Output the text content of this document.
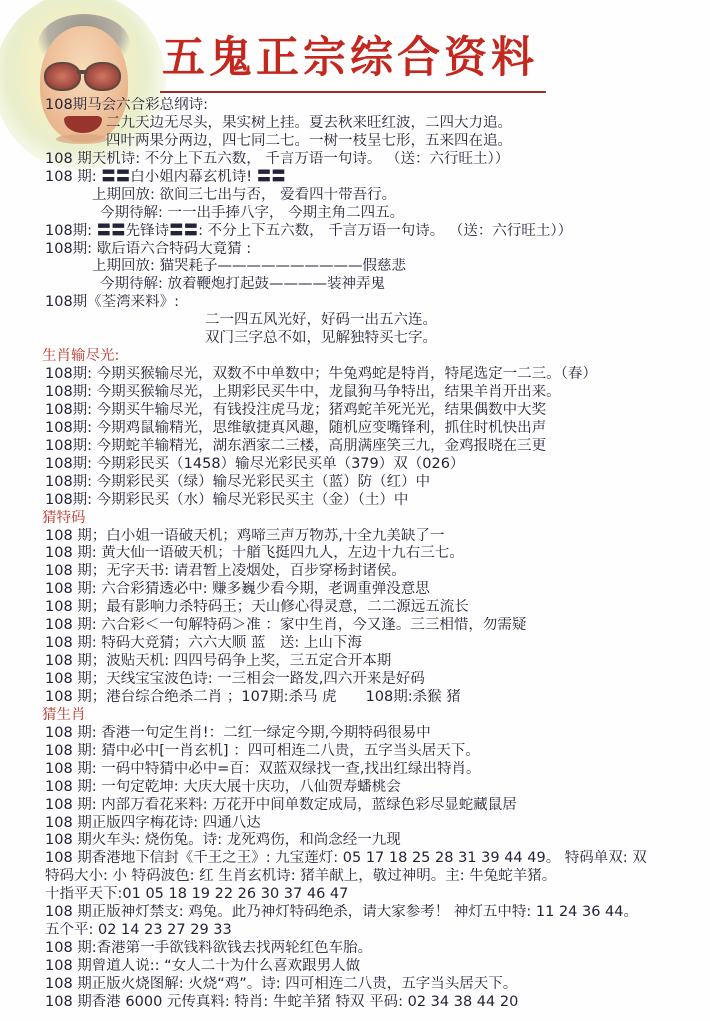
五鬼正宗综合资料
108期马会六合彩总纲诗:
二九天边无尽头，果实树上挂。夏去秋来旺红波，二四大力追。
四叶两果分两边，四七同二七。一树一枝呈七形，五来四在追。
108 期天机诗: 不分上下五六数， 千言万语一句诗。 （送：六行旺土））
108 期: 〓〓白小姐内幕玄机诗! 〓〓
上期回放: 欲间三七出与否， 爱看四十带吾行。
今期待解: 一一出手捧八字， 今期主角二四五。
108期: 〓〓先锋诗〓〓: 不分上下五六数， 千言万语一句诗。 （送：六行旺土））
108期: 歇后语六合特码大竟猜 :
上期回放: 猫哭耗子——————————假慈悲
今期待解: 放着鞭炮打起鼓————装神弄鬼
108期《荃湾来料》:
二一四五风光好，好码一出五六连。
双门三字总不如，见解独特买七字。
生肖输尽光:
108期: 今期买猴输尽光，双数不中单数中；牛兔鸡蛇是特肖，特尾选定一二三。（春）
108期: 今期买猴输尽光，上期彩民买牛中，龙鼠狗马争特出，结果羊肖开出来。
108期: 今期买牛输尽光，有钱投注虎马龙；猪鸡蛇羊死光光，结果偶数中大奖
108期: 今期鸡鼠输精光，思维敏捷真风趣，随机应变嘴锋利，抓住时机快出声
108期: 今期蛇羊输精光，湖东酒家二三楼，高朋满座笑三九，金鸡报晓在三更
108期: 今期彩民买（1458）输尽光彩民买单（379）双（026）
108期: 今期彩民买（绿）输尽光彩民买主（蓝）防（红）中
108期: 今期彩民买（水）输尽光彩民买主（金）（土）中
猜特码
108 期；白小姐一语破天机；鸡啼三声万物苏,十全九美缺了一
108 期: 黄大仙一语破天机；十艏飞挺四九人，左边十九右三七。
108 期；无字天书: 请君暂上凌烟处，百步穿杨封诸侯。
108 期: 六合彩猜透必中: 赚多巍少看今期，老调重弹没意思
108 期；最有影响力杀特码王；天山修心得灵意，二二源远五流长
108 期: 六合彩＜一句解特码＞准 ：家中生肖，今又逢。三三相惜，勿需疑
108 期: 特码大竞猜；六六大顺 蓝　送: 上山下海
108 期；波贴天机: 四四号码争上奖，三五定合开本期
108 期；天线宝宝波色诗: 一三相会一路发,四六开来是好码
108 期；港台综合绝杀二肖 ；107期:杀马 虎　　108期:杀猴 猪
猜生肖
108 期: 香港一句定生肖!：二红一绿定今期,今期特码很易中
108 期: 猜中必中[一肖玄机] ：四可相连二八贵，五字当头居天下。
108 期: 一码中特猜中必中=百：双蓝双绿找一查,找出红绿出特肖。
108 期: 一句定乾坤: 大庆大展十庆功，八仙贺寿蟠桃会
108 期: 内部万看花来料: 万花开中间单数定成局，蓝绿色彩尽显蛇藏鼠居
108 期正版四字梅花诗: 四通八达
108 期火车头: 烧伤兔。诗: 龙死鸡伤，和尚念经一九现
108 期香港地下信封《千王之王》: 九宝莲灯: 05 17 18 25 28 31 39 44 49。 特码单双: 双
特码大小: 小 特码波色: 红 生肖玄机诗: 猪羊献上，敬过神明。主: 牛兔蛇羊猪。
十指平天下:01 05 18 19 22 26 30 37 46 47
108 期正版神灯禁支: 鸡兔。此乃神灯特码绝杀，请大家参考！ 神灯五中特: 11 24 36 44。
五个平: 02 14 23 27 29 33
108 期:香港第一手欲钱料欲钱去找两轮红色车胎。
108 期曾道人说:: “女人二十为什么喜欢跟男人做
108 期正版火烧图解: 火烧“鸡”。诗: 四可相连二八贵，五字当头居天下。
108 期香港 6000 元传真料: 特肖: 牛蛇羊猪 特双 平码: 02 34 38 44 20
